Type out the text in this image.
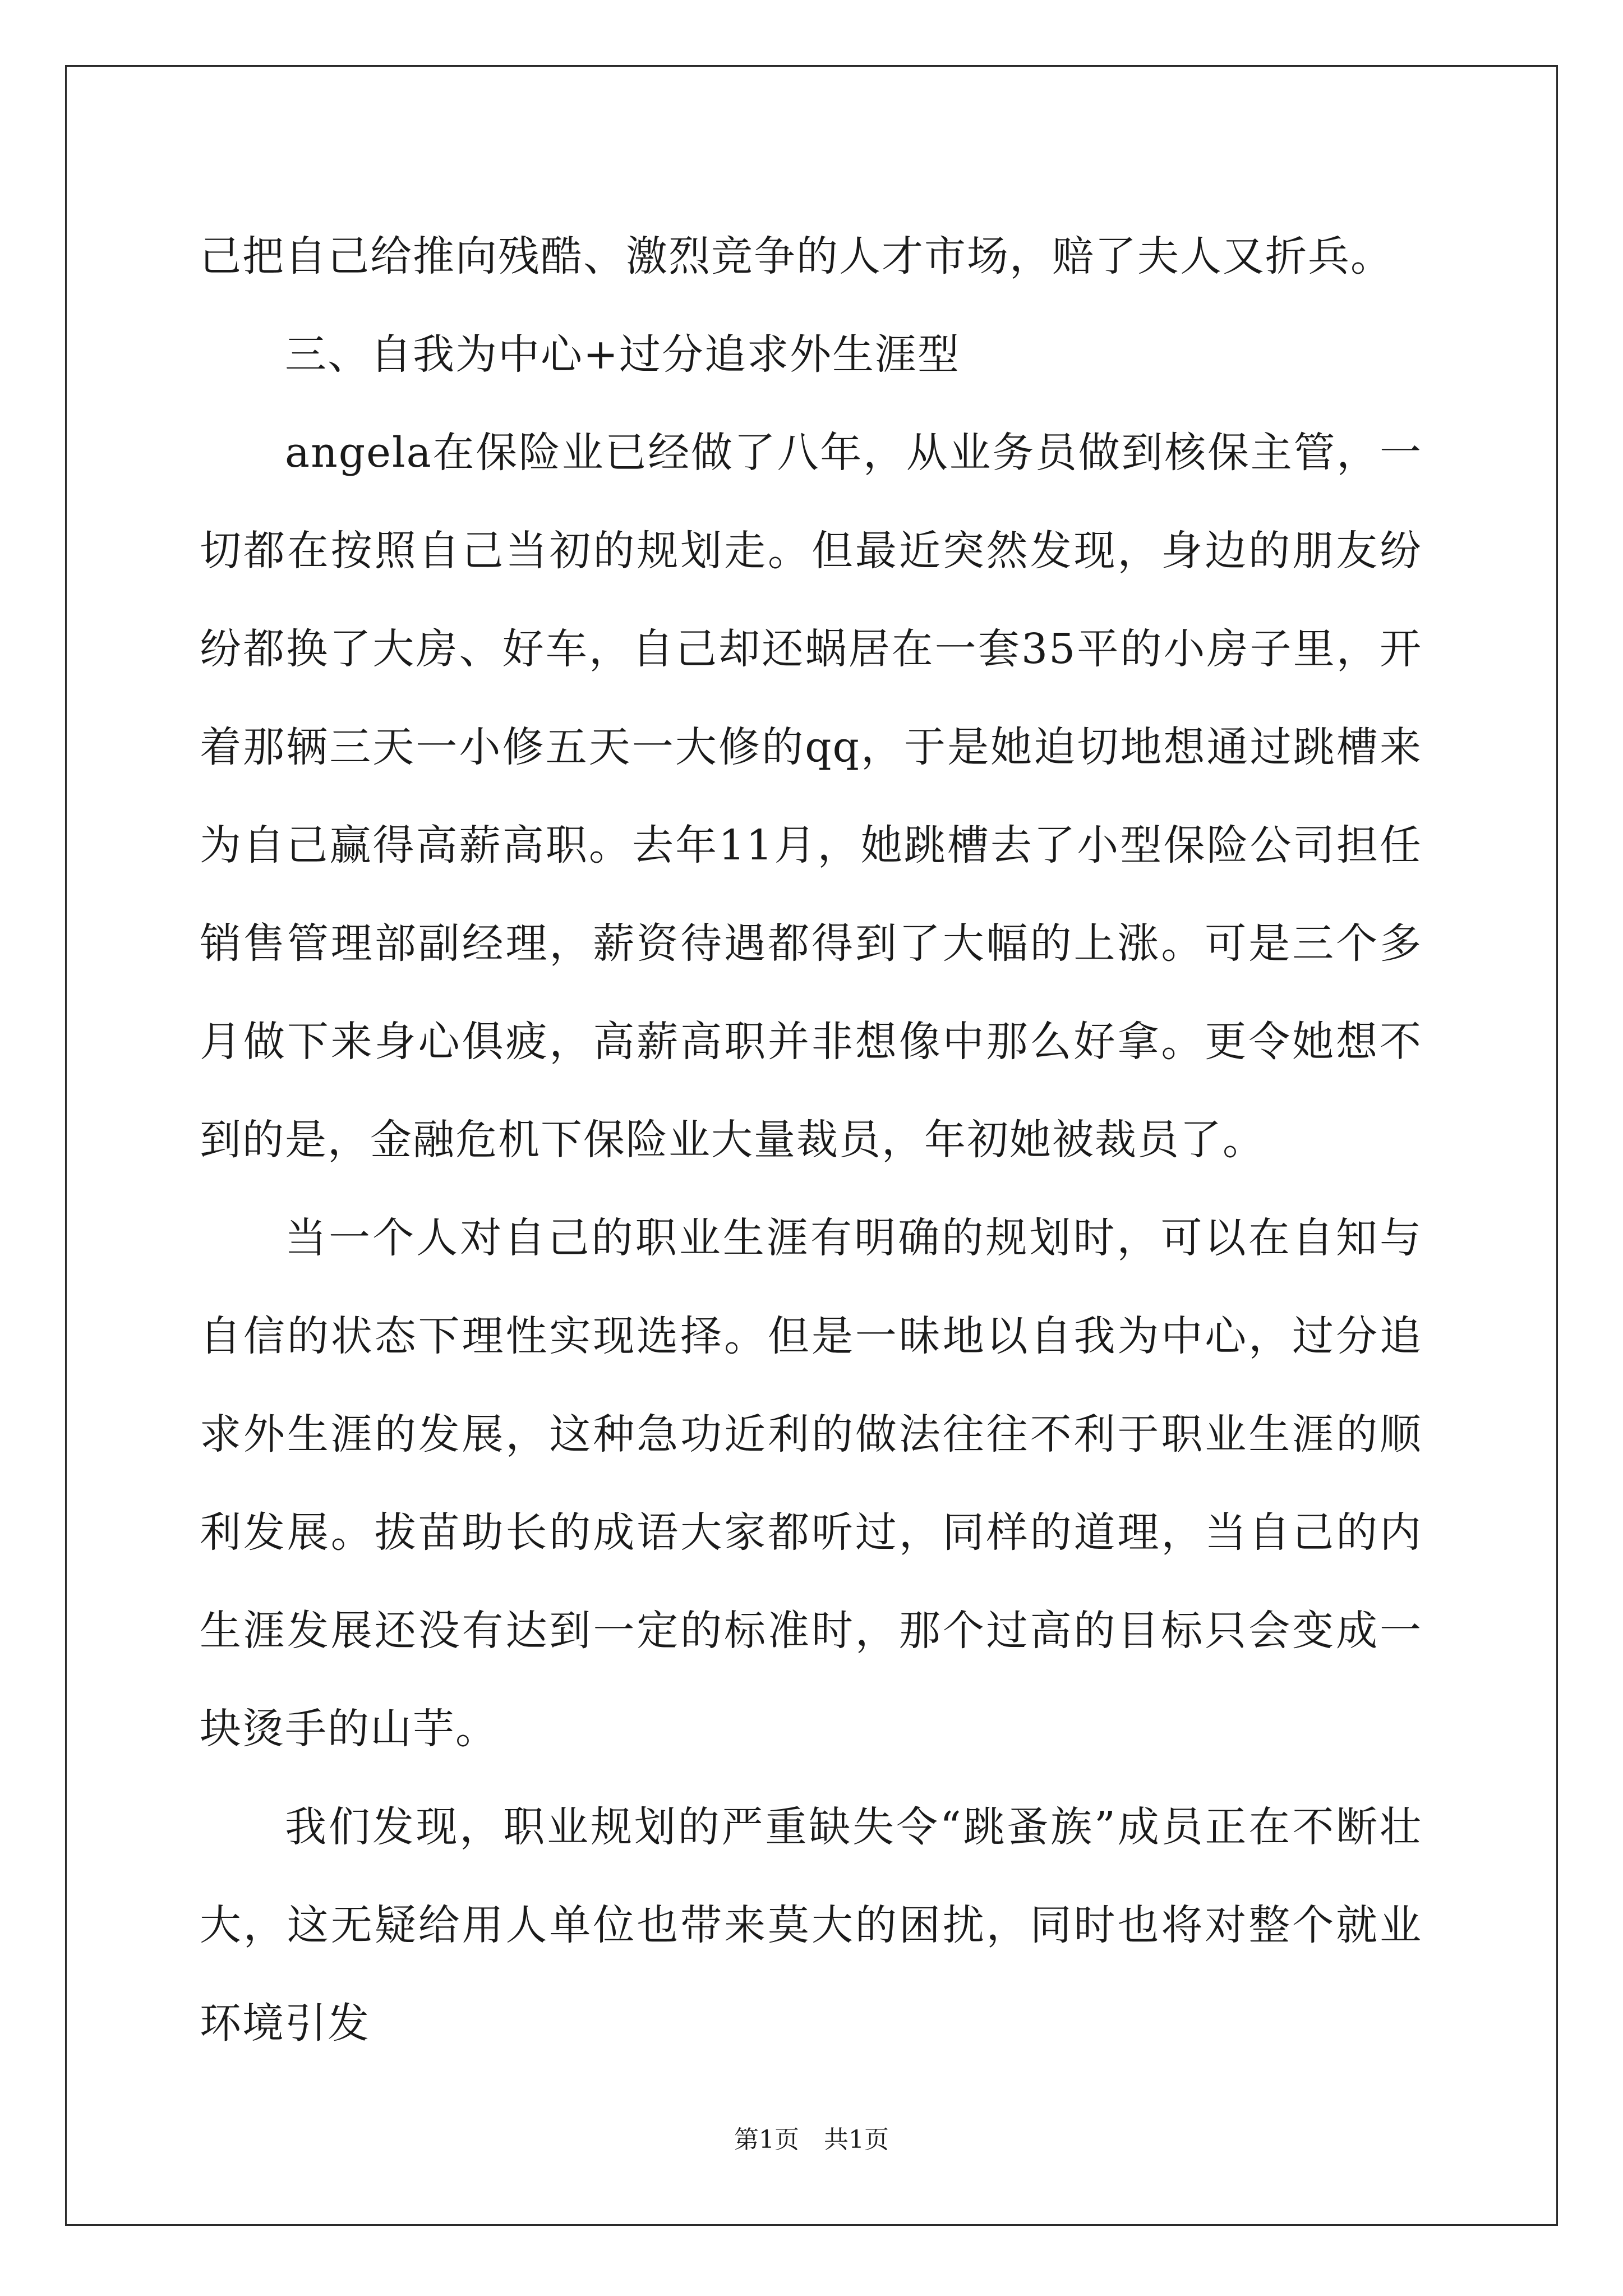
己把自己给推向残酷、激烈竞争的人才市场，赔了夫人又折兵。

三、自我为中心+过分追求外生涯型

angela在保险业已经做了八年，从业务员做到核保主管，一切都在按照自己当初的规划走。但最近突然发现，身边的朋友纷纷都换了大房、好车，自己却还蜗居在一套35平的小房子里，开着那辆三天一小修五天一大修的qq，于是她迫切地想通过跳槽来为自己赢得高薪高职。去年11月，她跳槽去了小型保险公司担任销售管理部副经理，薪资待遇都得到了大幅的上涨。可是三个多月做下来身心俱疲，高薪高职并非想像中那么好拿。更令她想不到的是，金融危机下保险业大量裁员，年初她被裁员了。

当一个人对自己的职业生涯有明确的规划时，可以在自知与自信的状态下理性实现选择。但是一昧地以自我为中心，过分追求外生涯的发展，这种急功近利的做法往往不利于职业生涯的顺利发展。拔苗助长的成语大家都听过，同样的道理，当自己的内生涯发展还没有达到一定的标准时，那个过高的目标只会变成一块烫手的山芋。

我们发现，职业规划的严重缺失令“跳蚤族”成员正在不断壮大，这无疑给用人单位也带来莫大的困扰，同时也将对整个就业环境引发

第1页　共1页
